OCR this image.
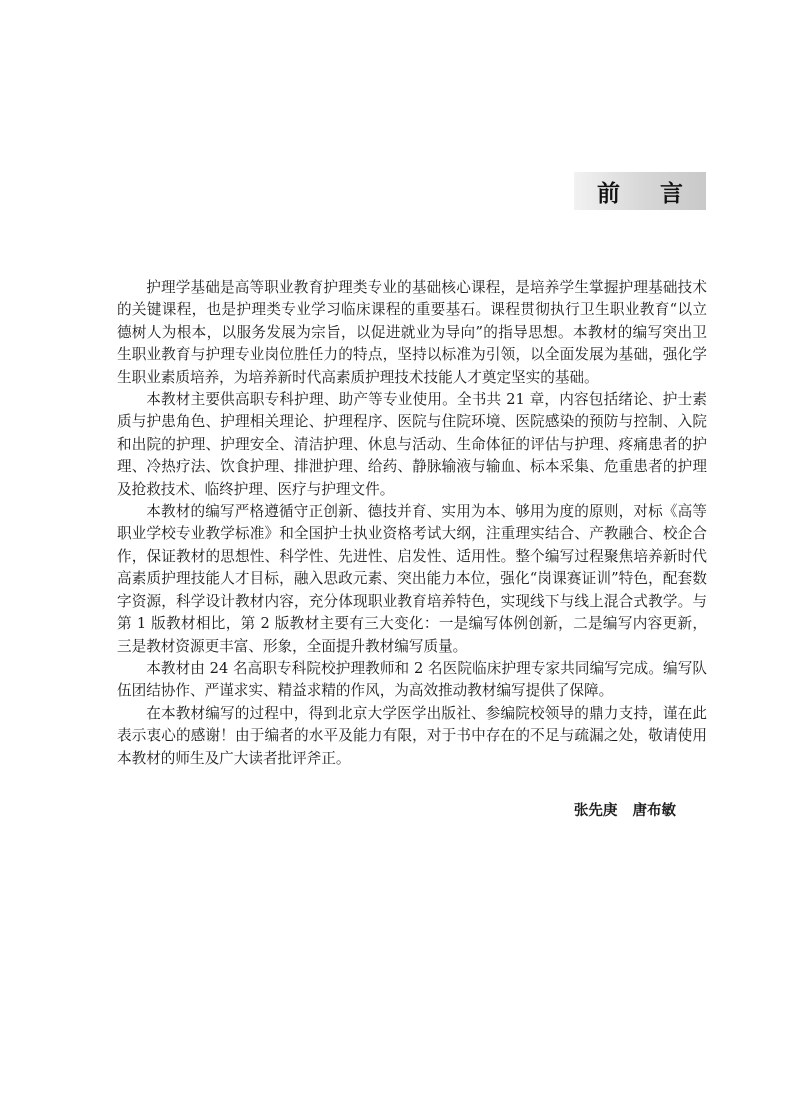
前 言

护理学基础是高等职业教育护理类专业的基础核心课程，是培养学生掌握护理基础技术的关键课程，也是护理类专业学习临床课程的重要基石。课程贯彻执行卫生职业教育“以立德树人为根本，以服务发展为宗旨，以促进就业为导向”的指导思想。本教材的编写突出卫生职业教育与护理专业岗位胜任力的特点，坚持以标准为引领，以全面发展为基础，强化学生职业素质培养，为培养新时代高素质护理技术技能人才奠定坚实的基础。

本教材主要供高职专科护理、助产等专业使用。全书共 21 章，内容包括绪论、护士素质与护患角色、护理相关理论、护理程序、医院与住院环境、医院感染的预防与控制、入院和出院的护理、护理安全、清洁护理、休息与活动、生命体征的评估与护理、疼痛患者的护理、冷热疗法、饮食护理、排泄护理、给药、静脉输液与输血、标本采集、危重患者的护理及抢救技术、临终护理、医疗与护理文件。

本教材的编写严格遵循守正创新、德技并育、实用为本、够用为度的原则，对标《高等职业学校专业教学标准》和全国护士执业资格考试大纲，注重理实结合、产教融合、校企合作，保证教材的思想性、科学性、先进性、启发性、适用性。整个编写过程聚焦培养新时代高素质护理技能人才目标，融入思政元素、突出能力本位，强化“岗课赛证训”特色，配套数字资源，科学设计教材内容，充分体现职业教育培养特色，实现线下与线上混合式教学。与第 1 版教材相比，第 2 版教材主要有三大变化：一是编写体例创新，二是编写内容更新，三是教材资源更丰富、形象，全面提升教材编写质量。

本教材由 24 名高职专科院校护理教师和 2 名医院临床护理专家共同编写完成。编写队伍团结协作、严谨求实、精益求精的作风，为高效推动教材编写提供了保障。

在本教材编写的过程中，得到北京大学医学出版社、参编院校领导的鼎力支持，谨在此表示衷心的感谢！由于编者的水平及能力有限，对于书中存在的不足与疏漏之处，敬请使用本教材的师生及广大读者批评斧正。

张先庚   唐布敏
